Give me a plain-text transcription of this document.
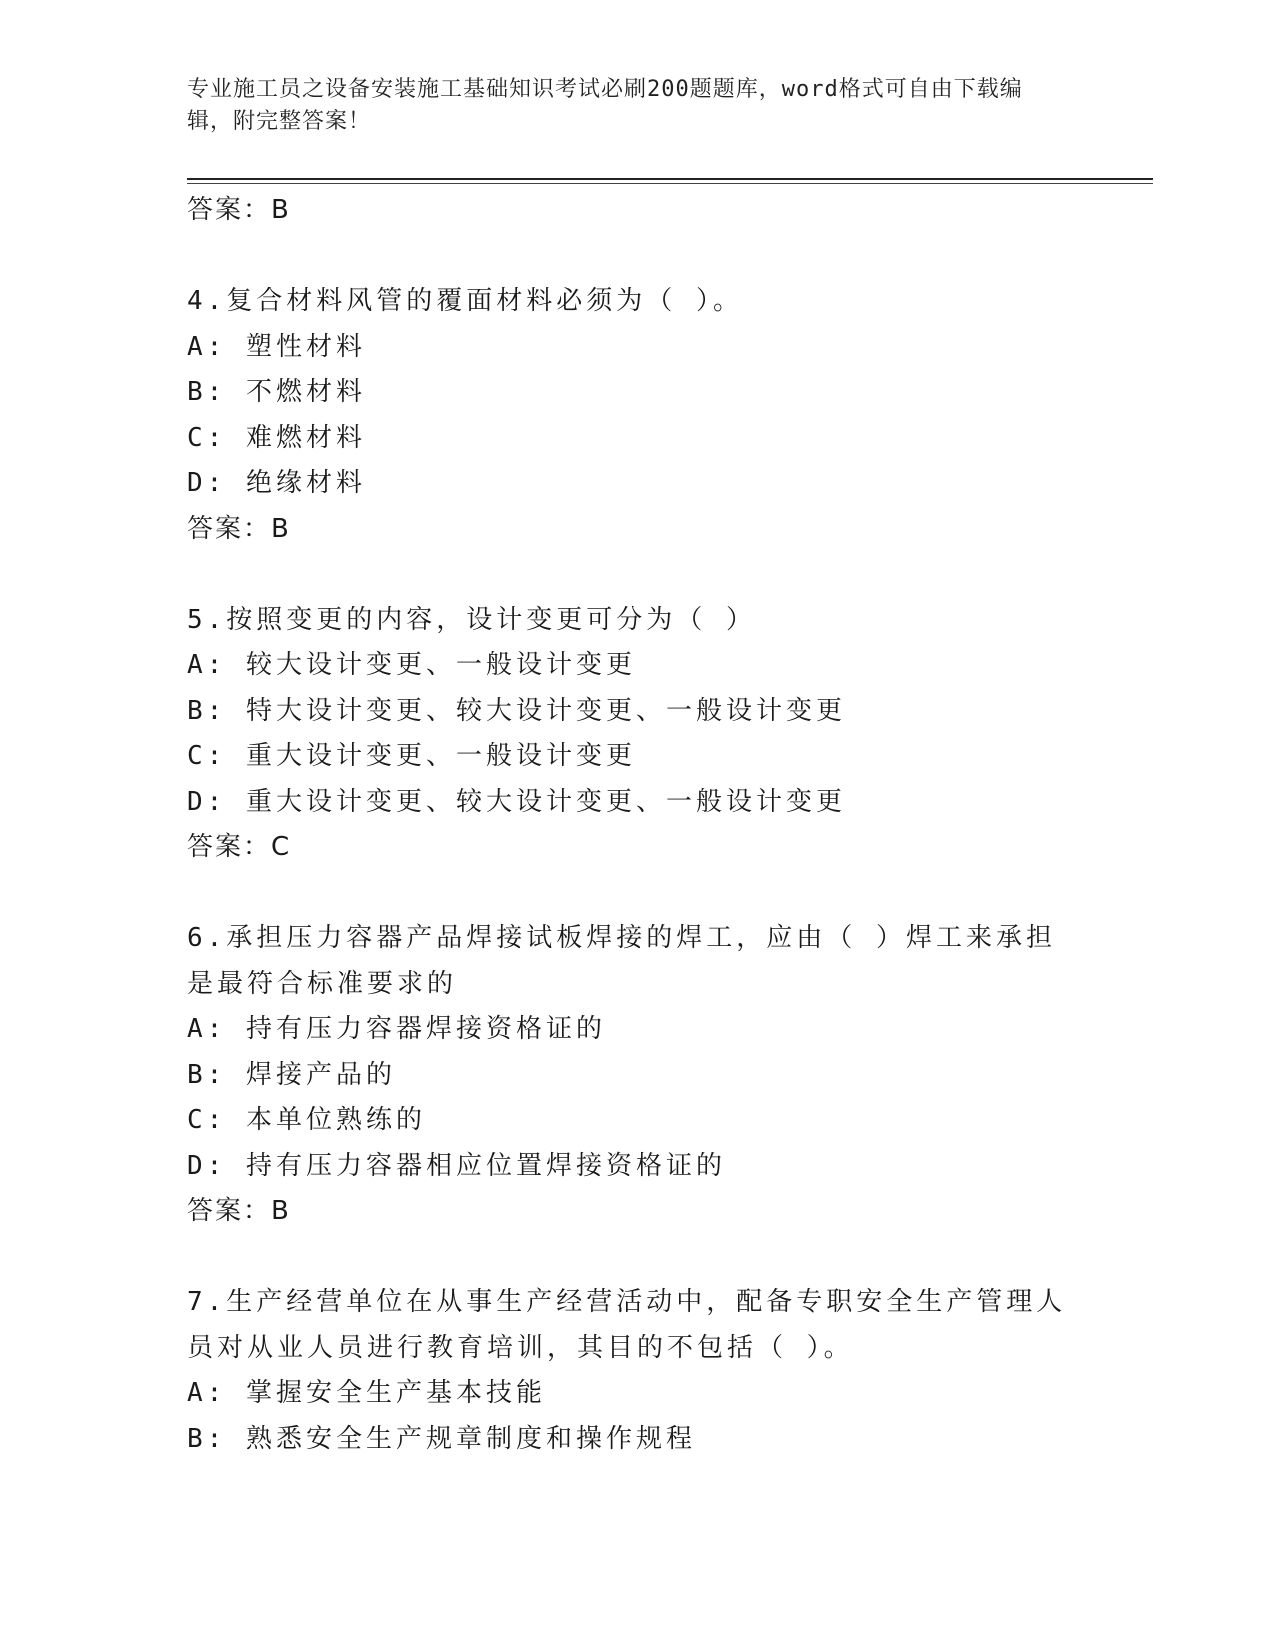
专业施工员之设备安装施工基础知识考试必刷200题题库，word格式可自由下载编辑，附完整答案！
答案：B
4.复合材料风管的覆面材料必须为（ ）。
A: 塑性材料
B: 不燃材料
C: 难燃材料
D: 绝缘材料
答案：B
5.按照变更的内容，设计变更可分为（ ）
A: 较大设计变更、一般设计变更
B: 特大设计变更、较大设计变更、一般设计变更
C: 重大设计变更、一般设计变更
D: 重大设计变更、较大设计变更、一般设计变更
答案：C
6.承担压力容器产品焊接试板焊接的焊工，应由（ ）焊工来承担是最符合标准要求的
A: 持有压力容器焊接资格证的
B: 焊接产品的
C: 本单位熟练的
D: 持有压力容器相应位置焊接资格证的
答案：B
7.生产经营单位在从事生产经营活动中，配备专职安全生产管理人员对从业人员进行教育培训，其目的不包括（ ）。
A: 掌握安全生产基本技能
B: 熟悉安全生产规章制度和操作规程
